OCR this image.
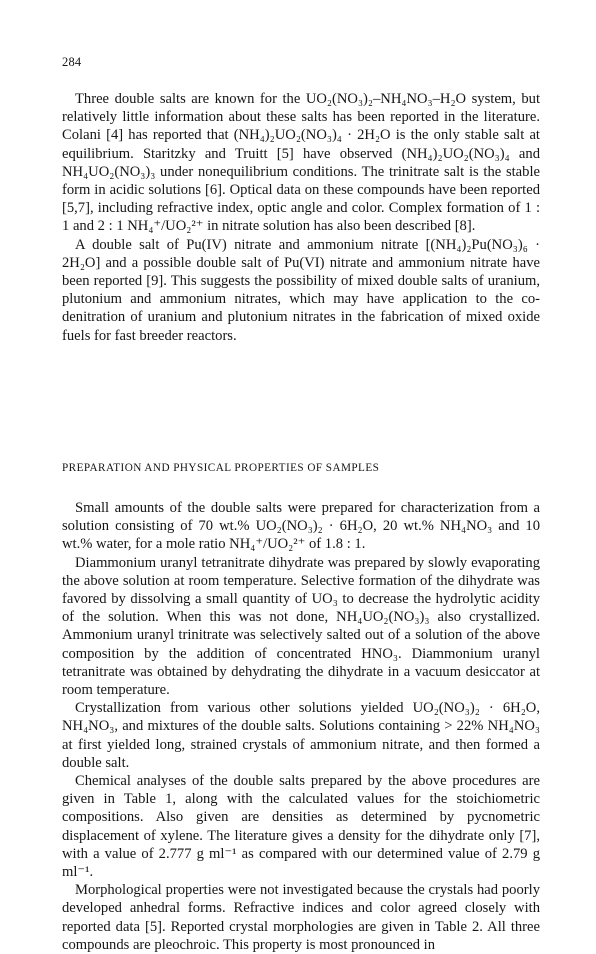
284

Three double salts are known for the UO₂(NO₃)₂–NH₄NO₃–H₂O system, but relatively little information about these salts has been reported in the literature. Colani [4] has reported that (NH₄)₂UO₂(NO₃)₄ · 2H₂O is the only stable salt at equilibrium. Staritzky and Truitt [5] have observed (NH₄)₂UO₂(NO₃)₄ and NH₄UO₂(NO₃)₃ under nonequilibrium conditions. The trinitrate salt is the stable form in acidic solutions [6]. Optical data on these compounds have been reported [5,7], including refractive index, optic angle and color. Complex formation of 1 : 1 and 2 : 1 NH₄⁺/UO₂²⁺ in nitrate solution has also been described [8].

A double salt of Pu(IV) nitrate and ammonium nitrate [(NH₄)₂Pu(NO₃)₆ · 2H₂O] and a possible double salt of Pu(VI) nitrate and ammonium nitrate have been reported [9]. This suggests the possibility of mixed double salts of uranium, plutonium and ammonium nitrates, which may have application to the co-denitration of uranium and plutonium nitrates in the fabrication of mixed oxide fuels for fast breeder reactors.

PREPARATION AND PHYSICAL PROPERTIES OF SAMPLES

Small amounts of the double salts were prepared for characterization from a solution consisting of 70 wt.% UO₂(NO₃)₂ · 6H₂O, 20 wt.% NH₄NO₃ and 10 wt.% water, for a mole ratio NH₄⁺/UO₂²⁺ of 1.8 : 1.

Diammonium uranyl tetranitrate dihydrate was prepared by slowly evaporating the above solution at room temperature. Selective formation of the dihydrate was favored by dissolving a small quantity of UO₃ to decrease the hydrolytic acidity of the solution. When this was not done, NH₄UO₂(NO₃)₃ also crystallized. Ammonium uranyl trinitrate was selectively salted out of a solution of the above composition by the addition of concentrated HNO₃. Diammonium uranyl tetranitrate was obtained by dehydrating the dihydrate in a vacuum desiccator at room temperature.

Crystallization from various other solutions yielded UO₂(NO₃)₂ · 6H₂O, NH₄NO₃, and mixtures of the double salts. Solutions containing > 22% NH₄NO₃ at first yielded long, strained crystals of ammonium nitrate, and then formed a double salt.

Chemical analyses of the double salts prepared by the above procedures are given in Table 1, along with the calculated values for the stoichiometric compositions. Also given are densities as determined by pycnometric displacement of xylene. The literature gives a density for the dihydrate only [7], with a value of 2.777 g ml⁻¹ as compared with our determined value of 2.79 g ml⁻¹.

Morphological properties were not investigated because the crystals had poorly developed anhedral forms. Refractive indices and color agreed closely with reported data [5]. Reported crystal morphologies are given in Table 2. All three compounds are pleochroic. This property is most pronounced in
